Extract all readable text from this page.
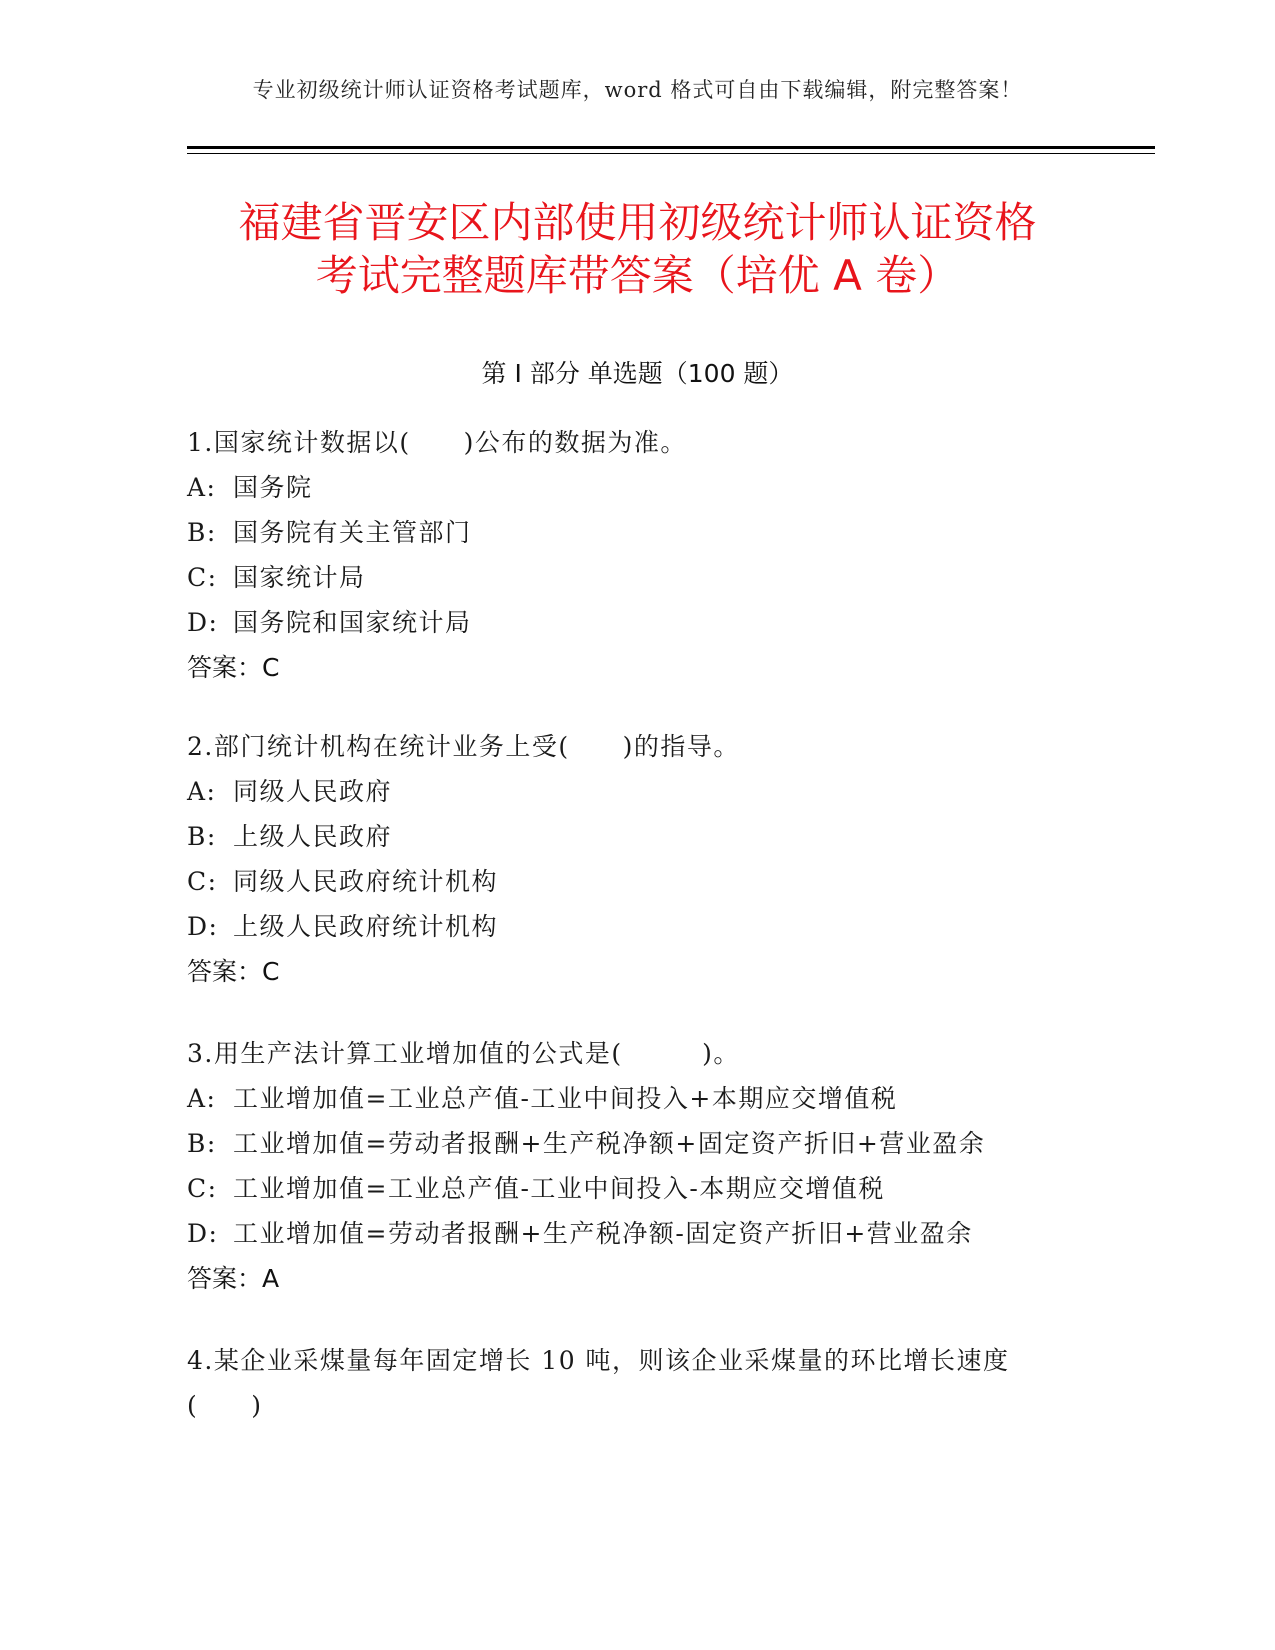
专业初级统计师认证资格考试题库，word 格式可自由下载编辑，附完整答案！
福建省晋安区内部使用初级统计师认证资格
考试完整题库带答案（培优 A 卷）
第 I 部分 单选题（100 题）
1.国家统计数据以(　　)公布的数据为准。
A: 国务院
B: 国务院有关主管部门
C: 国家统计局
D: 国务院和国家统计局
答案：C
2.部门统计机构在统计业务上受(　　)的指导。
A: 同级人民政府
B: 上级人民政府
C: 同级人民政府统计机构
D: 上级人民政府统计机构
答案：C
3.用生产法计算工业增加值的公式是(　　　)。
A: 工业增加值=工业总产值-工业中间投入+本期应交增值税
B: 工业增加值=劳动者报酬+生产税净额+固定资产折旧+营业盈余
C: 工业增加值=工业总产值-工业中间投入-本期应交增值税
D: 工业增加值=劳动者报酬+生产税净额-固定资产折旧+营业盈余
答案：A
4.某企业采煤量每年固定增长 10 吨，则该企业采煤量的环比增长速度
(　　)
